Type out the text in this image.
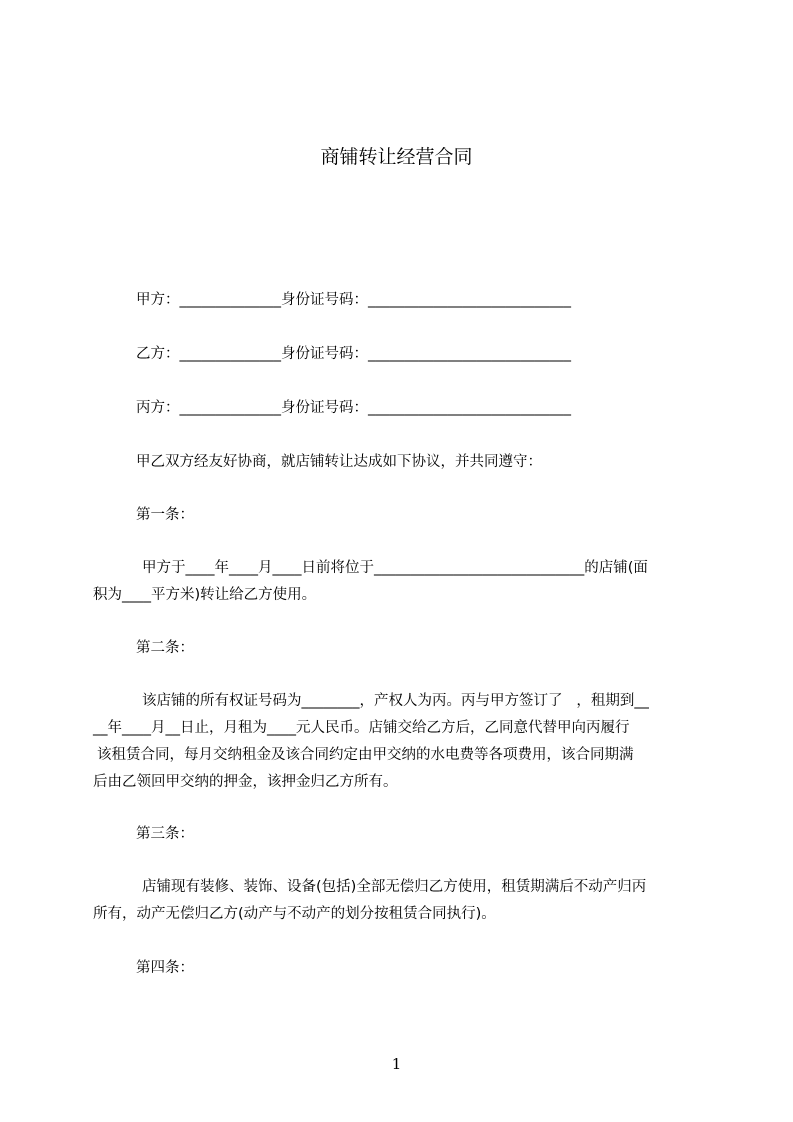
商铺转让经营合同
甲方：______________身份证号码：____________________________
乙方：______________身份证号码：____________________________
丙方：______________身份证号码：____________________________
甲乙双方经友好协商，就店铺转让达成如下协议，并共同遵守：
第一条：
甲方于____年____月____日前将位于_____________________________的店铺(面
积为____平方米)转让给乙方使用。
第二条：
该店铺的所有权证号码为________，产权人为丙。丙与甲方签订了   ，租期到__
__年____月__日止，月租为____元人民币。店铺交给乙方后，乙同意代替甲向丙履行
该租赁合同，每月交纳租金及该合同约定由甲交纳的水电费等各项费用，该合同期满
后由乙领回甲交纳的押金，该押金归乙方所有。
第三条：
店铺现有装修、装饰、设备(包括)全部无偿归乙方使用，租赁期满后不动产归丙
所有，动产无偿归乙方(动产与不动产的划分按租赁合同执行)。
第四条：
1
